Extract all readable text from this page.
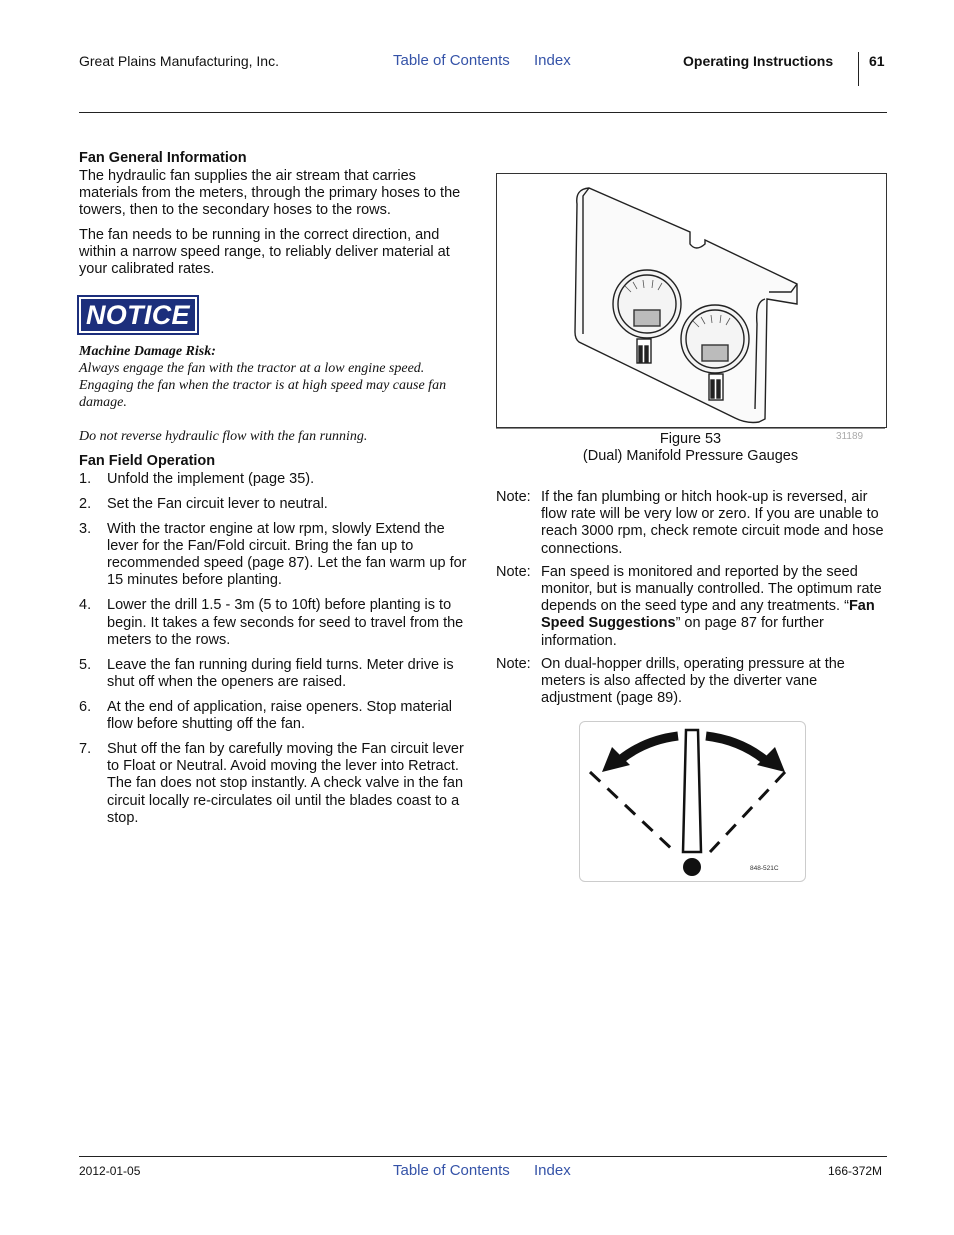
Great Plains Manufacturing, Inc.	Table of Contents Index	Operating Instructions	61
Fan General Information

The hydraulic fan supplies the air stream that carries materials from the meters, through the primary hoses to the towers, then to the secondary hoses to the rows.

The fan needs to be running in the correct direction, and within a narrow speed range, to reliably deliver material at your calibrated rates.

NOTICE
Machine Damage Risk:
Always engage the fan with the tractor at a low engine speed. Engaging the fan when the tractor is at high speed may cause fan damage.
Do not reverse hydraulic flow with the fan running.
Fan Field Operation
1.	Unfold the implement (page 35).
2.	Set the Fan circuit lever to neutral.
3.	With the tractor engine at low rpm, slowly Extend the lever for the Fan/Fold circuit. Bring the fan up to recommended speed (page 87). Let the fan warm up for 15 minutes before planting.
4.	Lower the drill 1.5 - 3m (5 to 10ft) before planting is to begin. It takes a few seconds for seed to travel from the meters to the rows.
5.	Leave the fan running during field turns. Meter drive is shut off when the openers are raised.
6.	At the end of application, raise openers. Stop material flow before shutting off the fan.
7.	Shut off the fan by carefully moving the Fan circuit lever to Float or Neutral. Avoid moving the lever into Retract. The fan does not stop instantly. A check valve in the fan circuit locally re-circulates oil until the blades coast to a stop.
Figure 53
(Dual) Manifold Pressure Gauges
31189
Note: If the fan plumbing or hitch hook-up is reversed, air flow rate will be very low or zero. If you are unable to reach 3000 rpm, check remote circuit mode and hose connections.
Note: Fan speed is monitored and reported by the seed monitor, but is manually controlled. The optimum rate depends on the seed type and any treatments. “Fan Speed Suggestions” on page 87 for further information.
Note: On dual-hopper drills, operating pressure at the meters is also affected by the diverter vane adjustment (page 89).
848-521C
2012-01-05	Table of Contents Index	166-372M
